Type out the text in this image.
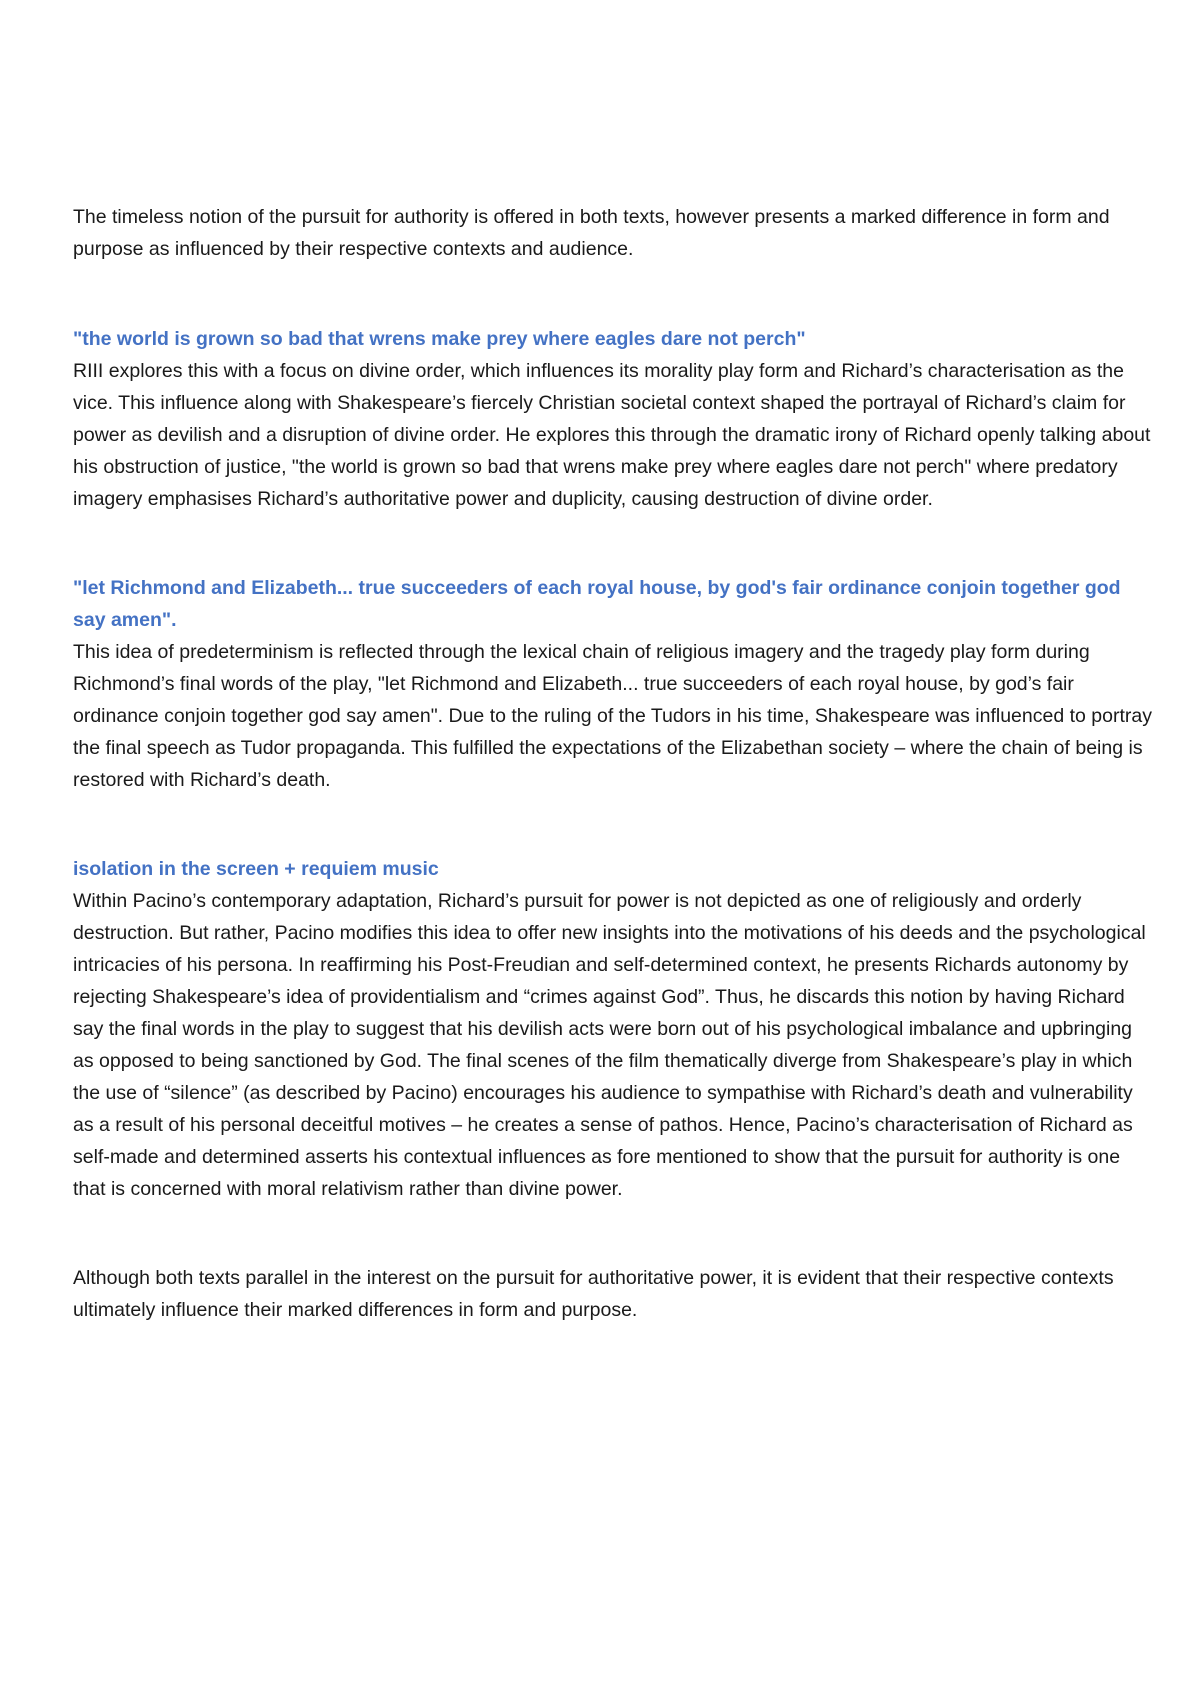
The timeless notion of the pursuit for authority is offered in both texts, however presents a marked difference in form and purpose as influenced by their respective contexts and audience.

"the world is grown so bad that wrens make prey where eagles dare not perch"

RIII explores this with a focus on divine order, which influences its morality play form and Richard’s characterisation as the vice. This influence along with Shakespeare’s fiercely Christian societal context shaped the portrayal of Richard’s claim for power as devilish and a disruption of divine order. He explores this through the dramatic irony of Richard openly talking about his obstruction of justice, "the world is grown so bad that wrens make prey where eagles dare not perch" where predatory imagery emphasises Richard’s authoritative power and duplicity, causing destruction of divine order.

"let Richmond and Elizabeth... true succeeders of each royal house, by god's fair ordinance conjoin together god say amen".

This idea of predeterminism is reflected through the lexical chain of religious imagery and the tragedy play form during Richmond’s final words of the play, "let Richmond and Elizabeth... true succeeders of each royal house, by god’s fair ordinance conjoin together god say amen". Due to the ruling of the Tudors in his time, Shakespeare was influenced to portray the final speech as Tudor propaganda. This fulfilled the expectations of the Elizabethan society – where the chain of being is restored with Richard’s death.

isolation in the screen + requiem music

Within Pacino’s contemporary adaptation, Richard’s pursuit for power is not depicted as one of religiously and orderly destruction. But rather, Pacino modifies this idea to offer new insights into the motivations of his deeds and the psychological intricacies of his persona. In reaffirming his Post-Freudian and self-determined context, he presents Richards autonomy by rejecting Shakespeare’s idea of providentialism and “crimes against God”. Thus, he discards this notion by having Richard say the final words in the play to suggest that his devilish acts were born out of his psychological imbalance and upbringing as opposed to being sanctioned by God. The final scenes of the film thematically diverge from Shakespeare’s play in which the use of “silence” (as described by Pacino) encourages his audience to sympathise with Richard’s death and vulnerability as a result of his personal deceitful motives – he creates a sense of pathos. Hence, Pacino’s characterisation of Richard as self-made and determined asserts his contextual influences as fore mentioned to show that the pursuit for authority is one that is concerned with moral relativism rather than divine power.

Although both texts parallel in the interest on the pursuit for authoritative power, it is evident that their respective contexts ultimately influence their marked differences in form and purpose.
